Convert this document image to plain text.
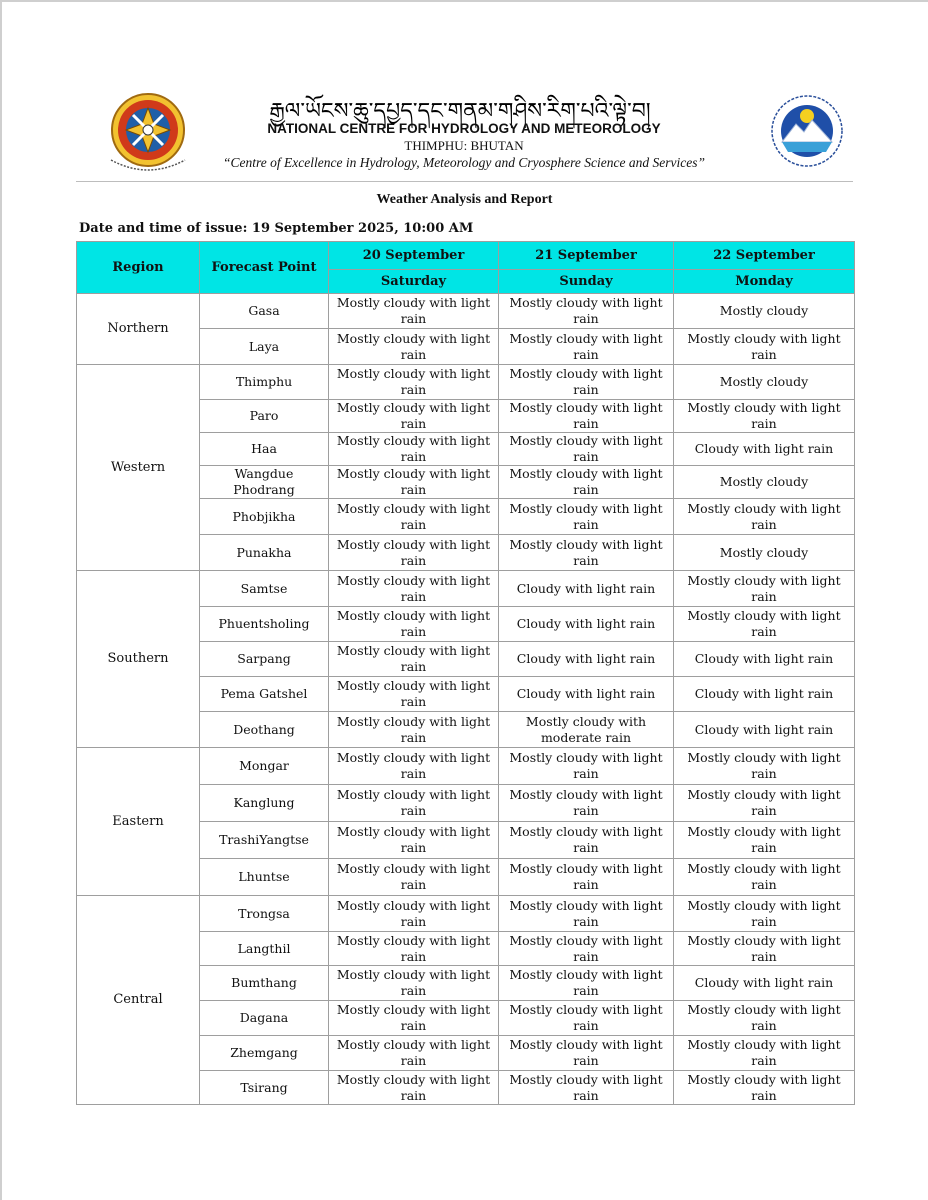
རྒྱལ་ཡོངས་ཆུ་དཔྱད་དང་གནམ་གཤིས་རིག་པའི་ལྟེ་བ།
NATIONAL CENTRE FOR HYDROLOGY AND METEOROLOGY
THIMPHU: BHUTAN
“Centre of Excellence in Hydrology, Meteorology and Cryosphere Science and Services”
Weather Analysis and Report
Date and time of issue: 19 September 2025, 10:00 AM
Region	Forecast Point	20 September	21 September	22 September
		Saturday	Sunday	Monday
Northern	Gasa	Mostly cloudy with light rain	Mostly cloudy with light rain	Mostly cloudy
	Laya	Mostly cloudy with light rain	Mostly cloudy with light rain	Mostly cloudy with light rain
Western	Thimphu	Mostly cloudy with light rain	Mostly cloudy with light rain	Mostly cloudy
	Paro	Mostly cloudy with light rain	Mostly cloudy with light rain	Mostly cloudy with light rain
	Haa	Mostly cloudy with light rain	Mostly cloudy with light rain	Cloudy with light rain
	Wangdue Phodrang	Mostly cloudy with light rain	Mostly cloudy with light rain	Mostly cloudy
	Phobjikha	Mostly cloudy with light rain	Mostly cloudy with light rain	Mostly cloudy with light rain
	Punakha	Mostly cloudy with light rain	Mostly cloudy with light rain	Mostly cloudy
Southern	Samtse	Mostly cloudy with light rain	Cloudy with light rain	Mostly cloudy with light rain
	Phuentsholing	Mostly cloudy with light rain	Cloudy with light rain	Mostly cloudy with light rain
	Sarpang	Mostly cloudy with light rain	Cloudy with light rain	Cloudy with light rain
	Pema Gatshel	Mostly cloudy with light rain	Cloudy with light rain	Cloudy with light rain
	Deothang	Mostly cloudy with light rain	Mostly cloudy with moderate rain	Cloudy with light rain
Eastern	Mongar	Mostly cloudy with light rain	Mostly cloudy with light rain	Mostly cloudy with light rain
	Kanglung	Mostly cloudy with light rain	Mostly cloudy with light rain	Mostly cloudy with light rain
	TrashiYangtse	Mostly cloudy with light rain	Mostly cloudy with light rain	Mostly cloudy with light rain
	Lhuntse	Mostly cloudy with light rain	Mostly cloudy with light rain	Mostly cloudy with light rain
Central	Trongsa	Mostly cloudy with light rain	Mostly cloudy with light rain	Mostly cloudy with light rain
	Langthil	Mostly cloudy with light rain	Mostly cloudy with light rain	Mostly cloudy with light rain
	Bumthang	Mostly cloudy with light rain	Mostly cloudy with light rain	Cloudy with light rain
	Dagana	Mostly cloudy with light rain	Mostly cloudy with light rain	Mostly cloudy with light rain
	Zhemgang	Mostly cloudy with light rain	Mostly cloudy with light rain	Mostly cloudy with light rain
	Tsirang	Mostly cloudy with light rain	Mostly cloudy with light rain	Mostly cloudy with light rain
